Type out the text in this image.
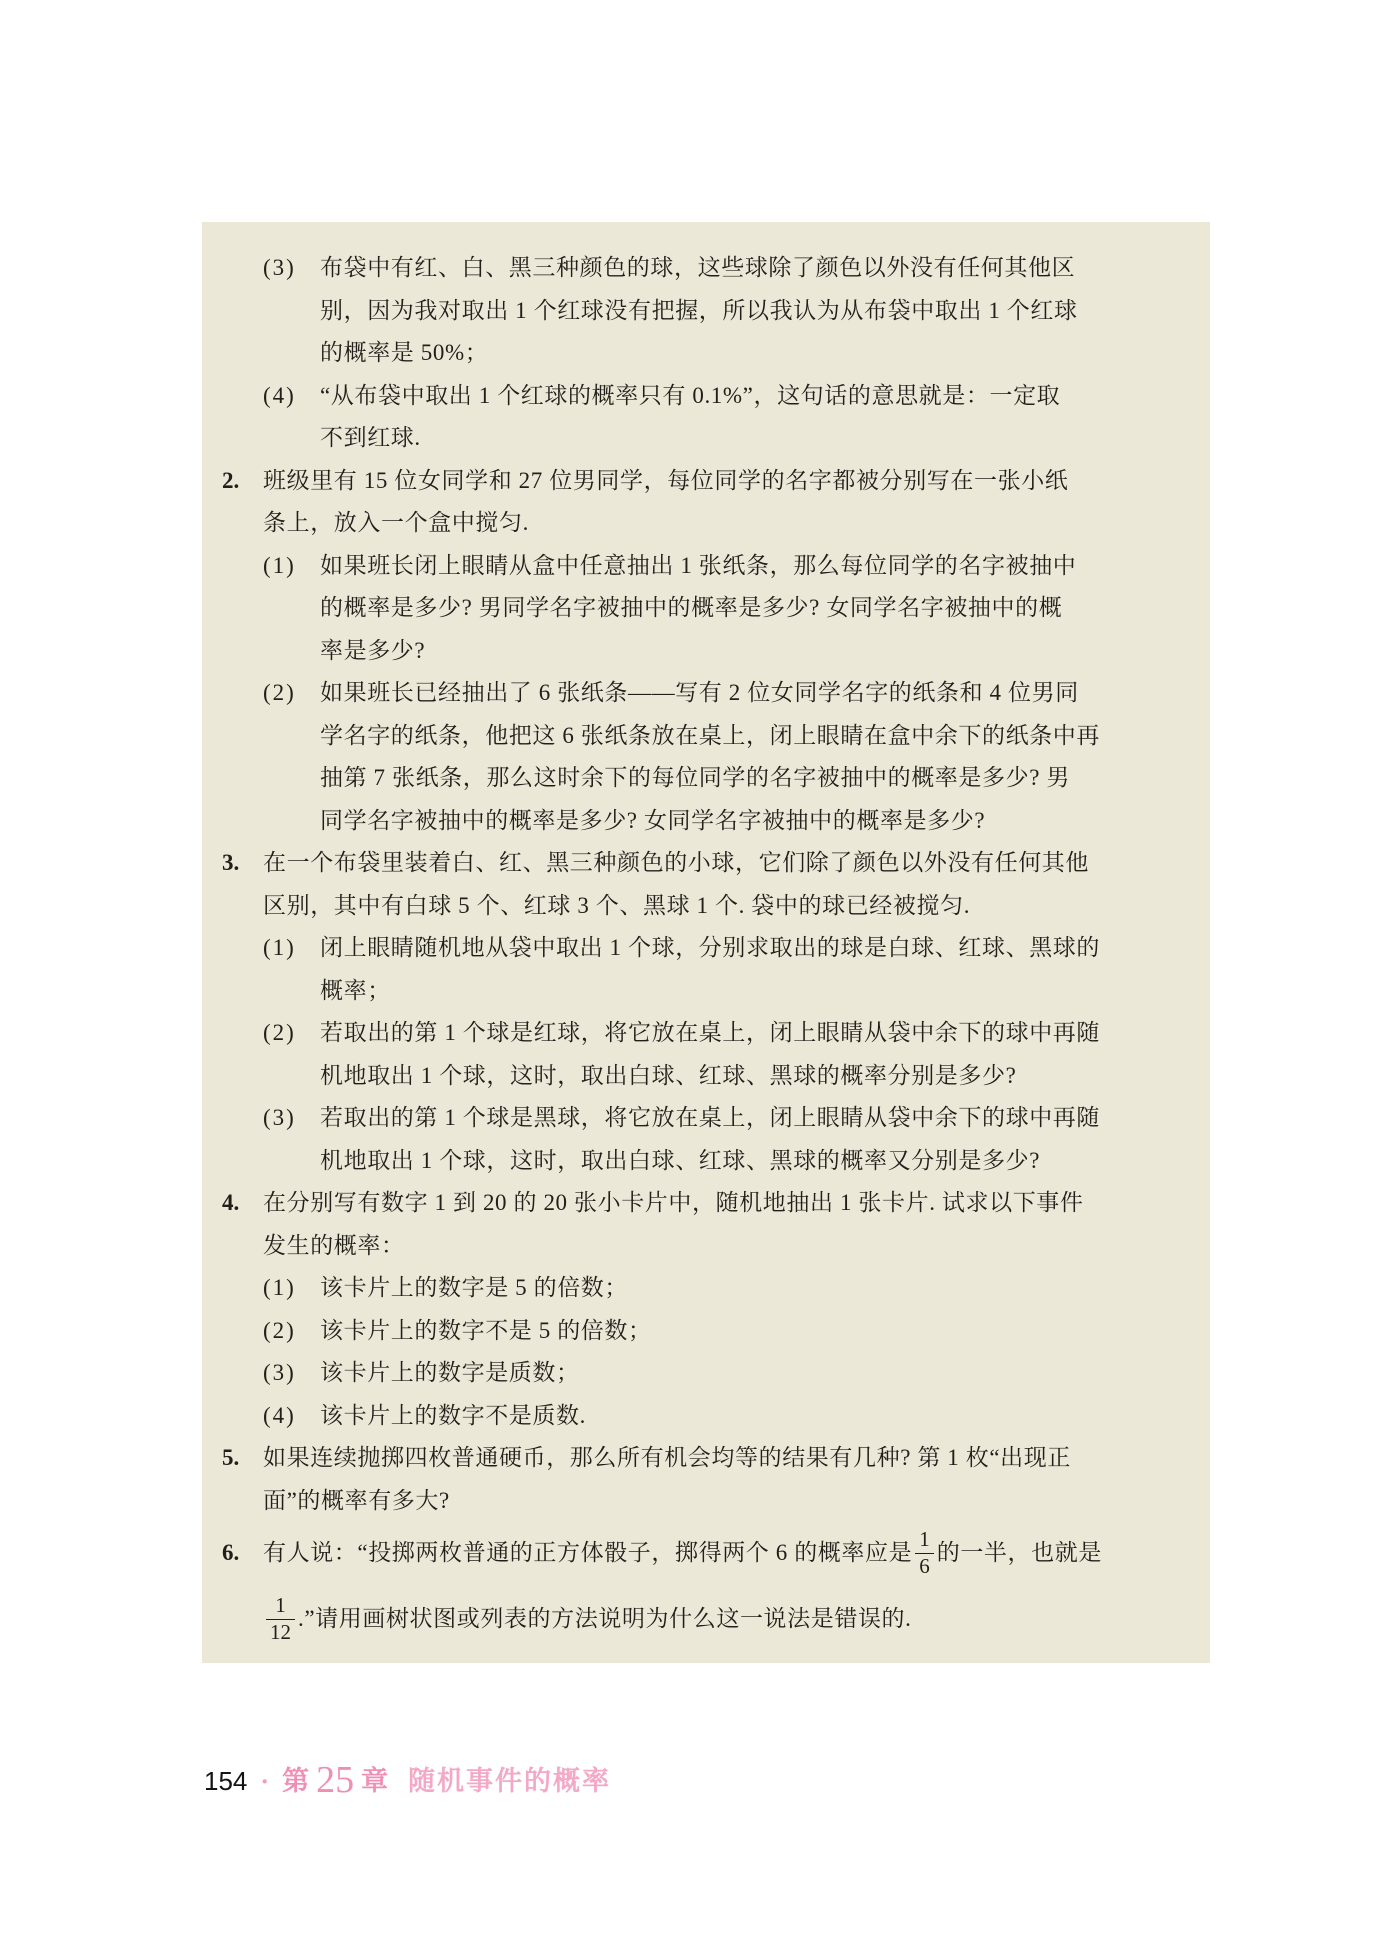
(3) 布袋中有红、白、黑三种颜色的球，这些球除了颜色以外没有任何其他区
别，因为我对取出 1 个红球没有把握，所以我认为从布袋中取出 1 个红球
的概率是 50%；
(4) “从布袋中取出 1 个红球的概率只有 0.1%”，这句话的意思就是：一定取
不到红球.
2. 班级里有 15 位女同学和 27 位男同学，每位同学的名字都被分别写在一张小纸
条上，放入一个盒中搅匀.
(1) 如果班长闭上眼睛从盒中任意抽出 1 张纸条，那么每位同学的名字被抽中
的概率是多少? 男同学名字被抽中的概率是多少? 女同学名字被抽中的概
率是多少?
(2) 如果班长已经抽出了 6 张纸条——写有 2 位女同学名字的纸条和 4 位男同
学名字的纸条，他把这 6 张纸条放在桌上，闭上眼睛在盒中余下的纸条中再
抽第 7 张纸条，那么这时余下的每位同学的名字被抽中的概率是多少? 男
同学名字被抽中的概率是多少? 女同学名字被抽中的概率是多少?
3. 在一个布袋里装着白、红、黑三种颜色的小球，它们除了颜色以外没有任何其他
区别，其中有白球 5 个、红球 3 个、黑球 1 个. 袋中的球已经被搅匀.
(1) 闭上眼睛随机地从袋中取出 1 个球，分别求取出的球是白球、红球、黑球的
概率；
(2) 若取出的第 1 个球是红球，将它放在桌上，闭上眼睛从袋中余下的球中再随
机地取出 1 个球，这时，取出白球、红球、黑球的概率分别是多少?
(3) 若取出的第 1 个球是黑球，将它放在桌上，闭上眼睛从袋中余下的球中再随
机地取出 1 个球，这时，取出白球、红球、黑球的概率又分别是多少?
4. 在分别写有数字 1 到 20 的 20 张小卡片中，随机地抽出 1 张卡片. 试求以下事件
发生的概率：
(1) 该卡片上的数字是 5 的倍数；
(2) 该卡片上的数字不是 5 的倍数；
(3) 该卡片上的数字是质数；
(4) 该卡片上的数字不是质数.
5. 如果连续抛掷四枚普通硬币，那么所有机会均等的结果有几种? 第 1 枚“出现正
面”的概率有多大?
6.	有人说：“投掷两枚普通的正方体骰子，掷得两个 6 的概率应是 $\frac{1}{6}$ 的一半，也就是
$\frac{1}{12}$ .”请用画树状图或列表的方法说明为什么这一说法是错误的.
154 · 第 25 章 随机事件的概率
